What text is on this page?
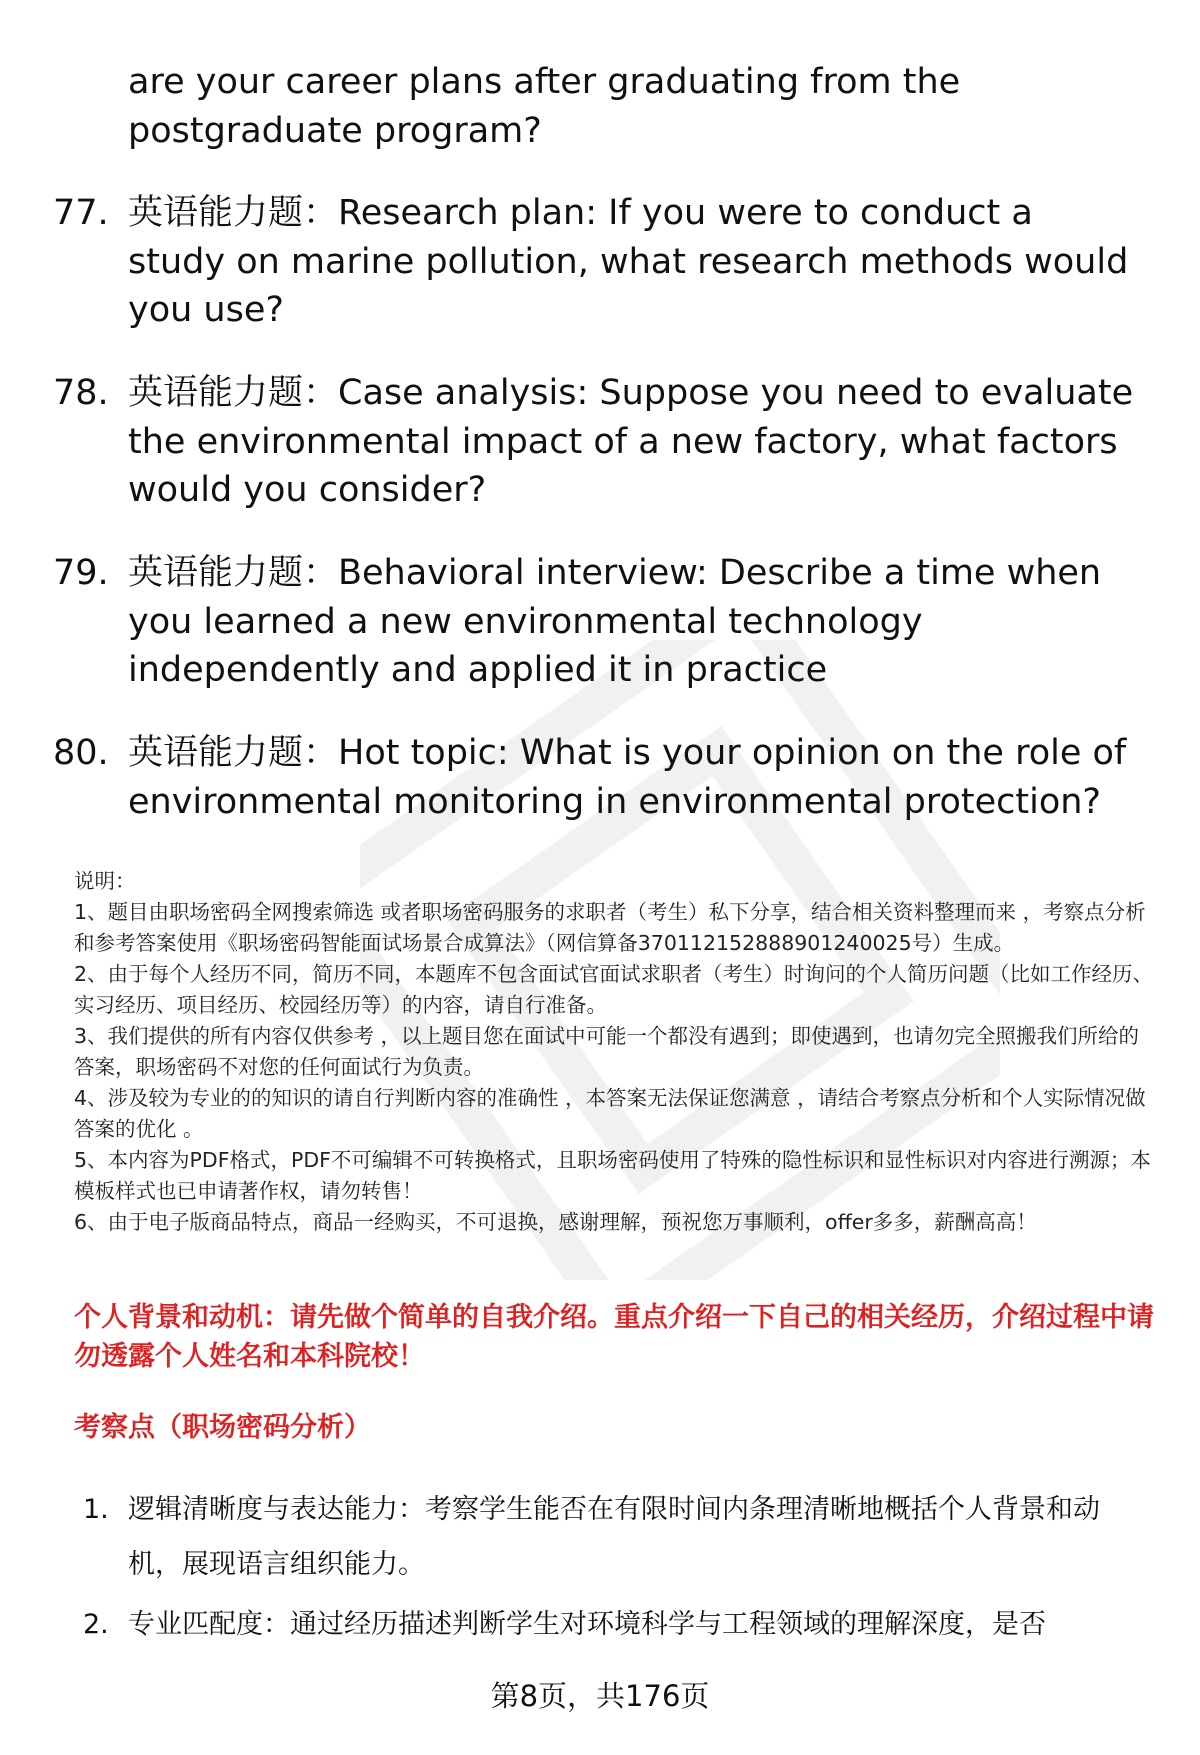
are your career plans after graduating from the postgraduate program?

77. 英语能力题：Research plan: If you were to conduct a study on marine pollution, what research methods would you use?

78. 英语能力题：Case analysis: Suppose you need to evaluate the environmental impact of a new factory, what factors would you consider?

79. 英语能力题：Behavioral interview: Describe a time when you learned a new environmental technology independently and applied it in practice

80. 英语能力题：Hot topic: What is your opinion on the role of environmental monitoring in environmental protection?

说明：

1、题目由职场密码全网搜索筛选 或者职场密码服务的求职者（考生）私下分享，结合相关资料整理而来 ，考察点分析和参考答案使用《职场密码智能面试场景合成算法》（网信算备370112152888901240025号）生成。

2、由于每个人经历不同，简历不同，本题库不包含面试官面试求职者（考生）时询问的个人简历问题（比如工作经历、实习经历、项目经历、校园经历等）的内容，请自行准备。

3、我们提供的所有内容仅供参考 ，以上题目您在面试中可能一个都没有遇到；即使遇到，也请勿完全照搬我们所给的答案，职场密码不对您的任何面试行为负责。

4、涉及较为专业的的知识的请自行判断内容的准确性 ，本答案无法保证您满意 ，请结合考察点分析和个人实际情况做答案的优化 。

5、本内容为PDF格式，PDF不可编辑不可转换格式，且职场密码使用了特殊的隐性标识和显性标识对内容进行溯源；本模板样式也已申请著作权，请勿转售！

6、由于电子版商品特点，商品一经购买，不可退换，感谢理解，预祝您万事顺利，offer多多，薪酬高高！

个人背景和动机：请先做个简单的自我介绍。重点介绍一下自己的相关经历，介绍过程中请勿透露个人姓名和本科院校！

考察点（职场密码分析）

1. 逻辑清晰度与表达能力：考察学生能否在有限时间内条理清晰地概括个人背景和动机，展现语言组织能力。

2. 专业匹配度：通过经历描述判断学生对环境科学与工程领域的理解深度，是否

第8页，共176页
